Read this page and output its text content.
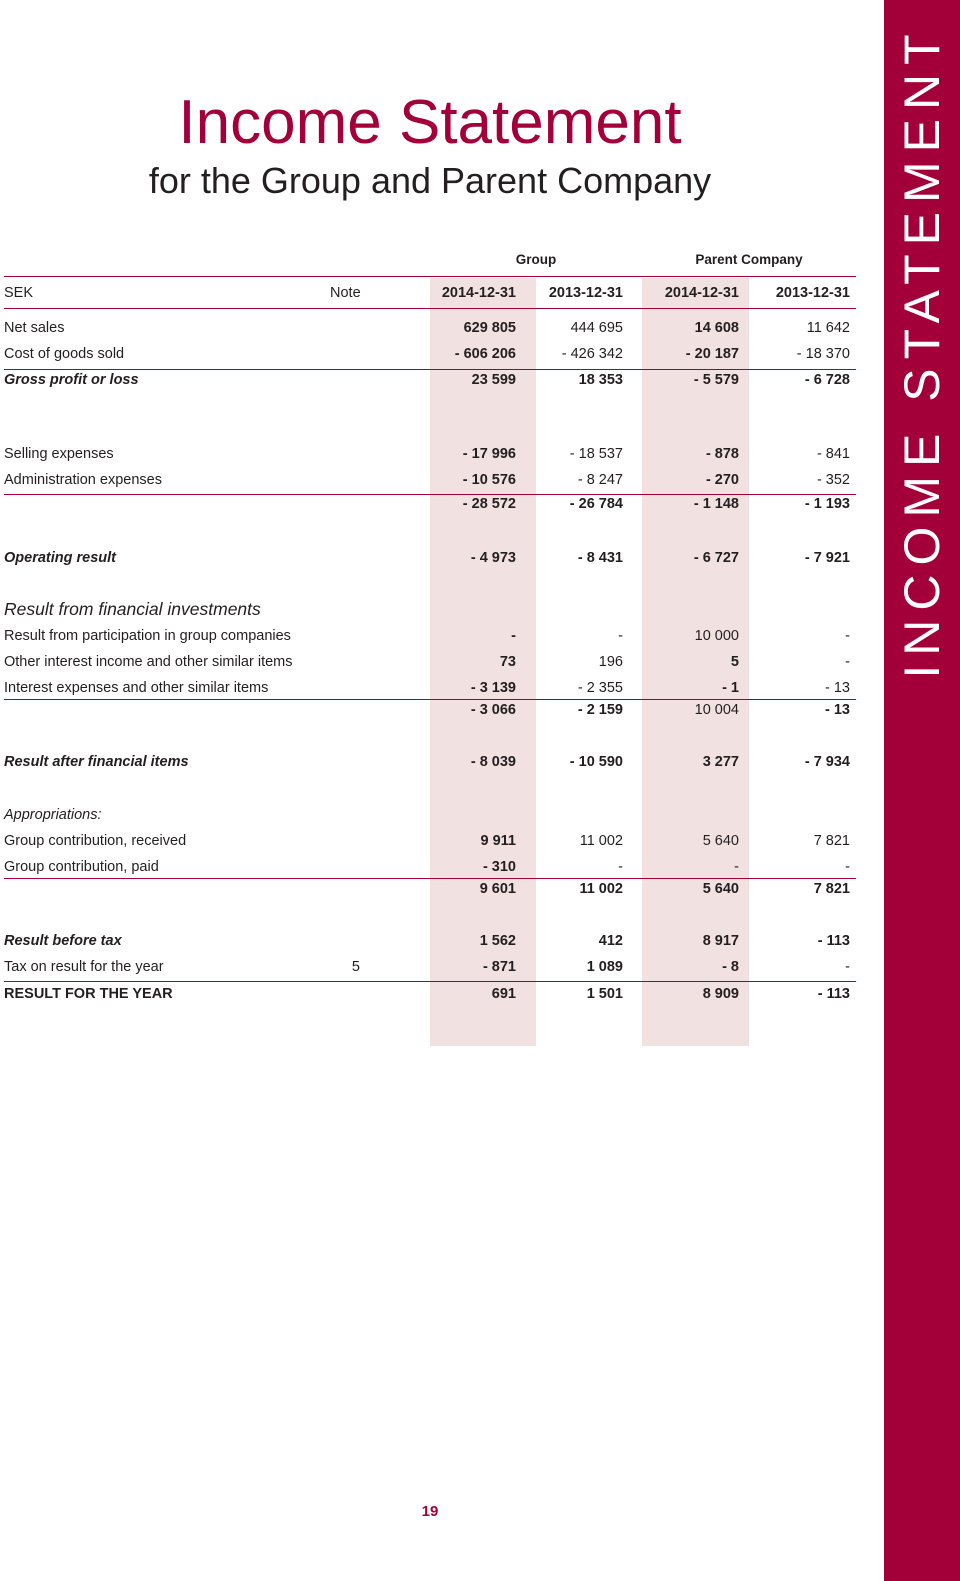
INCOME STATEMENT
Income Statement
for the Group and Parent Company
Group	Parent Company
SEK	Note	2014-12-31	2013-12-31	2014-12-31	2013-12-31
Net sales	629 805	444 695	14 608	11 642
Cost of goods sold	- 606 206	- 426 342	- 20 187	- 18 370
Gross profit or loss	23 599	18 353	- 5 579	- 6 728
Selling expenses	- 17 996	- 18 537	- 878	- 841
Administration expenses	- 10 576	- 8 247	- 270	- 352
- 28 572	- 26 784	- 1 148	- 1 193
Operating result	- 4 973	- 8 431	- 6 727	- 7 921
Result from financial investments
Result from participation in group companies	-	-	10 000	-
Other interest income and other similar items	73	196	5	-
Interest expenses and other similar items	- 3 139	- 2 355	- 1	- 13
- 3 066	- 2 159	10 004	- 13
Result after financial items	- 8 039	- 10 590	3 277	- 7 934
Appropriations:
Group contribution, received	9 911	11 002	5 640	7 821
Group contribution, paid	- 310	-	-	-
9 601	11 002	5 640	7 821
Result before tax	1 562	412	8 917	- 113
Tax on result for the year	5	- 871	1 089	- 8	-
RESULT FOR THE YEAR	691	1 501	8 909	- 113
19
